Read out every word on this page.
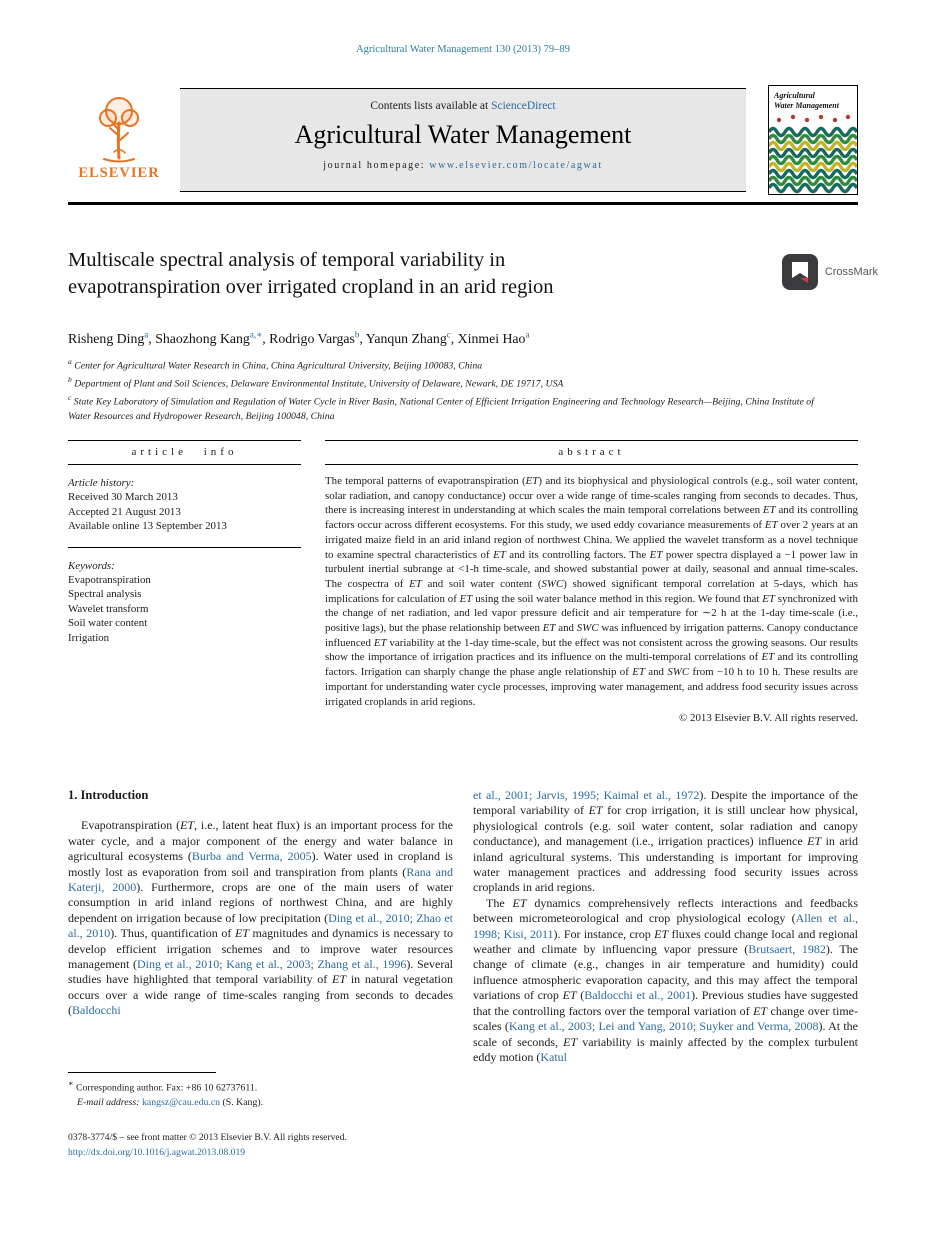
Agricultural Water Management 130 (2013) 79–89
ELSEVIER
Contents lists available at ScienceDirect
Agricultural Water Management
journal homepage: www.elsevier.com/locate/agwat
Agricultural
Water Management
Multiscale spectral analysis of temporal variability in
evapotranspiration over irrigated cropland in an arid region
CrossMark
Risheng Ding$^a$, Shaozhong Kang$^{a,∗}$, Rodrigo Vargas$^b$, Yanqun Zhang$^c$, Xinmei Hao$^a$
$^a$ Center for Agricultural Water Research in China, China Agricultural University, Beijing 100083, China
$^b$ Department of Plant and Soil Sciences, Delaware Environmental Institute, University of Delaware, Newark, DE 19717, USA
$^c$ State Key Laboratory of Simulation and Regulation of Water Cycle in River Basin, National Center of Efficient Irrigation Engineering and Technology Research—Beijing, China Institute of Water Resources and Hydropower Research, Beijing 100048, China
article info
Article history:
Received 30 March 2013
Accepted 21 August 2013
Available online 13 September 2013
Keywords:
Evapotranspiration
Spectral analysis
Wavelet transform
Soil water content
Irrigation
abstract

The temporal patterns of evapotranspiration (ET) and its biophysical and physiological controls (e.g., soil water content, solar radiation, and canopy conductance) occur over a wide range of time-scales ranging from seconds to decades. Thus, there is increasing interest in understanding at which scales the main temporal correlations between ET and its controlling factors occur across different ecosystems. For this study, we used eddy covariance measurements of ET over 2 years at an irrigated maize field in an arid inland region of northwest China. We applied the wavelet transform as a novel technique to examine spectral characteristics of ET and its controlling factors. The ET power spectra displayed a −1 power law in turbulent inertial subrange at <1-h time-scale, and showed substantial power at daily, seasonal and annual time-scales. The cospectra of ET and soil water content (SWC) showed significant temporal correlation at 5-days, which has implications for calculation of ET using the soil water balance method in this region. We found that ET synchronized with the change of net radiation, and led vapor pressure deficit and air temperature for ∼2 h at the 1-day time-scale (i.e., positive lags), but the phase relationship between ET and SWC was influenced by irrigation patterns. Canopy conductance influenced ET variability at the 1-day time-scale, but the effect was not consistent across the growing seasons. Our results show the importance of irrigation practices and its influence on the multi-temporal correlations of ET and its controlling factors. Irrigation can sharply change the phase angle relationship of ET and SWC from −10 h to 10 h. These results are important for understanding water cycle processes, improving water management, and address food security issues across irrigated croplands in arid regions.

© 2013 Elsevier B.V. All rights reserved.
1. Introduction

Evapotranspiration (ET, i.e., latent heat flux) is an important process for the water cycle, and a major component of the energy and water balance in agricultural ecosystems (Burba and Verma, 2005). Water used in cropland is mostly lost as evaporation from soil and transpiration from plants (Rana and Katerji, 2000). Furthermore, crops are one of the main users of water consumption in arid inland regions of northwest China, and are highly dependent on irrigation because of low precipitation (Ding et al., 2010; Zhao et al., 2010). Thus, quantification of ET magnitudes and dynamics is necessary to develop efficient irrigation schemes and to improve water resources management (Ding et al., 2010; Kang et al., 2003; Zhang et al., 1996). Several studies have highlighted that temporal variability of ET in natural vegetation occurs over a wide range of time-scales ranging from seconds to decades (Baldocchi

et al., 2001; Jarvis, 1995; Kaimal et al., 1972). Despite the importance of the temporal variability of ET for crop irrigation, it is still unclear how physical, physiological controls (e.g. soil water content, solar radiation and canopy conductance), and management (i.e., irrigation practices) influence ET in arid inland agricultural systems. This understanding is important for improving water management practices and addressing food security issues across croplands in arid regions.

The ET dynamics comprehensively reflects interactions and feedbacks between micrometeorological and crop physiological ecology (Allen et al., 1998; Kisi, 2011). For instance, crop ET fluxes could change local and regional weather and climate by influencing vapor pressure (Brutsaert, 1982). The change of climate (e.g., changes in air temperature and humidity) could influence atmospheric evaporation capacity, and this may affect the temporal variations of crop ET (Baldocchi et al., 2001). Previous studies have suggested that the controlling factors over the temporal variation of ET change over time-scales (Kang et al., 2003; Lei and Yang, 2010; Suyker and Verma, 2008). At the scale of seconds, ET variability is mainly affected by the complex turbulent eddy motion (Katul

∗ Corresponding author. Fax: +86 10 62737611.
E-mail address: kangsz@cau.edu.cn (S. Kang).
0378-3774/$ – see front matter © 2013 Elsevier B.V. All rights reserved.
http://dx.doi.org/10.1016/j.agwat.2013.08.019
